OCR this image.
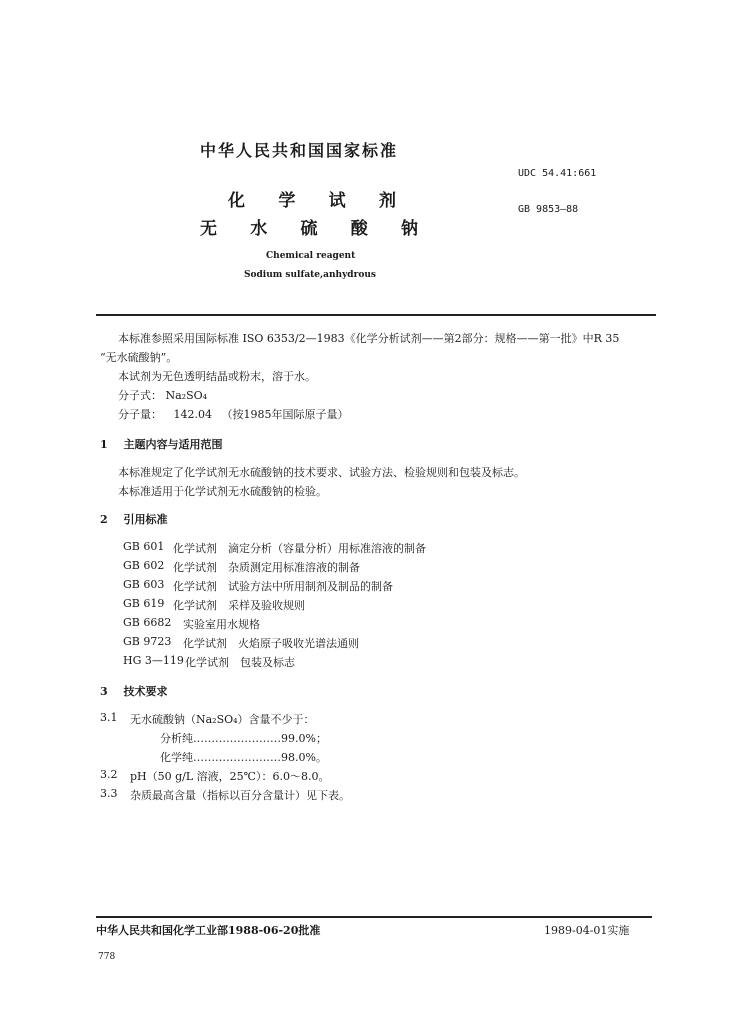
中华人民共和国国家标准
UDC 54.41:661
化 学 试 剂
无 水 硫 酸 钠
GB 9853—88
Chemical reagent
Sodium sulfate,anhydrous
本标准参照采用国际标准 ISO 6353/2—1983《化学分析试剂——第2部分：规格——第一批》中R 35
“无水硫酸钠”。
本试剂为无色透明结晶或粉末，溶于水。
分子式： Na₂SO₄
分子量： 142.04 （按1985年国际原子量）
1 主题内容与适用范围
本标准规定了化学试剂无水硫酸钠的技术要求、试验方法、检验规则和包装及标志。
本标准适用于化学试剂无水硫酸钠的检验。
2 引用标准
GB 601 化学试剂　滴定分析（容量分析）用标准溶液的制备
GB 602 化学试剂　杂质测定用标准溶液的制备
GB 603 化学试剂　试验方法中所用制剂及制品的制备
GB 619 化学试剂　采样及验收规则
GB 6682	实验室用水规格
GB 9723	化学试剂　火焰原子吸收光谱法通则
HG 3—119 化学试剂　包装及标志
3 技术要求
3.1	无水硫酸钠（Na₂SO₄）含量不少于：
分析纯……………………99.0%；
化学纯……………………98.0%。
3.2	pH（50 g/L 溶液，25℃）：6.0～8.0。
3.3	杂质最高含量（指标以百分含量计）见下表。
中华人民共和国化学工业部1988-06-20批准	1989-04-01实施
778
